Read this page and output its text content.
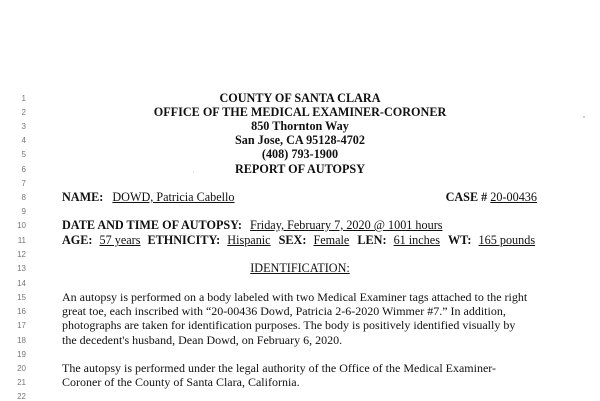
1
2
3
4
5
6
7
8
9
10
11
12
13
14
15
16
17
18
19
20
21
22
COUNTY OF SANTA CLARA
OFFICE OF THE MEDICAL EXAMINER-CORONER
850 Thornton Way
San Jose, CA 95128-4702
(408) 793-1900
REPORT OF AUTOPSY
NAME: DOWD, Patricia Cabello	CASE # 20-00436
DATE AND TIME OF AUTOPSY: Friday, February 7, 2020 @ 1001 hours
AGE: 57 years ETHNICITY: Hispanic SEX: Female LEN: 61 inches WT: 165 pounds
IDENTIFICATION:
An autopsy is performed on a body labeled with two Medical Examiner tags attached to the right
great toe, each inscribed with “20-00436 Dowd, Patricia 2-6-2020 Wimmer #7.” In addition,
photographs are taken for identification purposes. The body is positively identified visually by
the decedent's husband, Dean Dowd, on February 6, 2020.
The autopsy is performed under the legal authority of the Office of the Medical Examiner-
Coroner of the County of Santa Clara, California.
